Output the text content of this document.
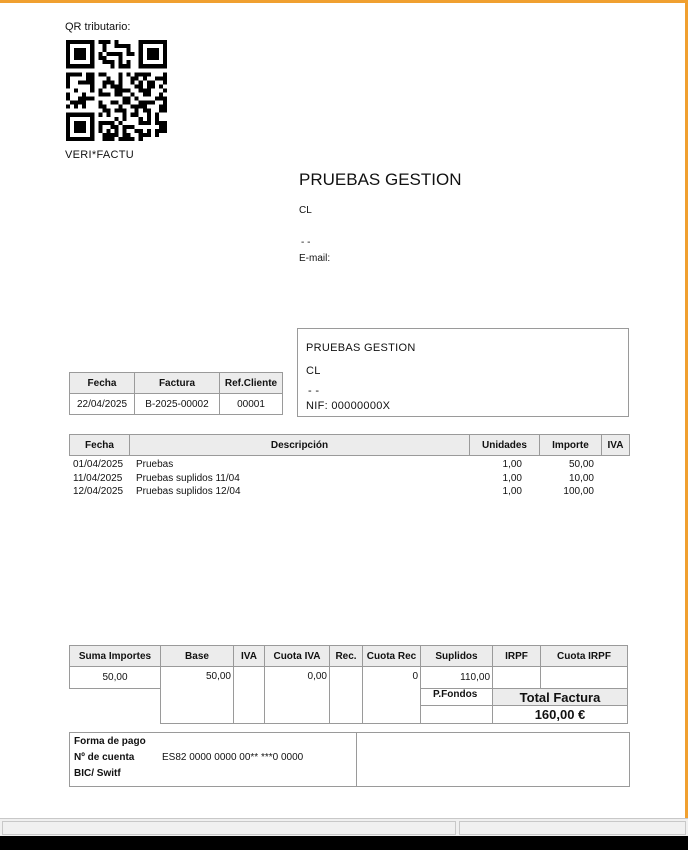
QR tributario:
VERI*FACTU
PRUEBAS GESTION
CL
- -
E-mail:
PRUEBAS GESTION
CL
- -
NIF: 00000000X
Fecha	Factura	Ref.Cliente
22/04/2025	B-2025-00002	00001
Fecha	Descripción	Unidades	Importe	IVA
01/04/2025 Pruebas	1,00	50,00
11/04/2025 Pruebas suplidos 11/04	1,00	10,00
12/04/2025 Pruebas suplidos 12/04	1,00	100,00
Suma Importes	Base	IVA	Cuota IVA	Rec.	Cuota Rec	Suplidos	IRPF	Cuota IRPF
50,00	50,00		0,00		0	110,00		
						P.Fondos	Total Factura	
							160,00 €	
Forma de pago
Nº de cuenta	ES82 0000 0000 00** ***0 0000
BIC/ Switf
